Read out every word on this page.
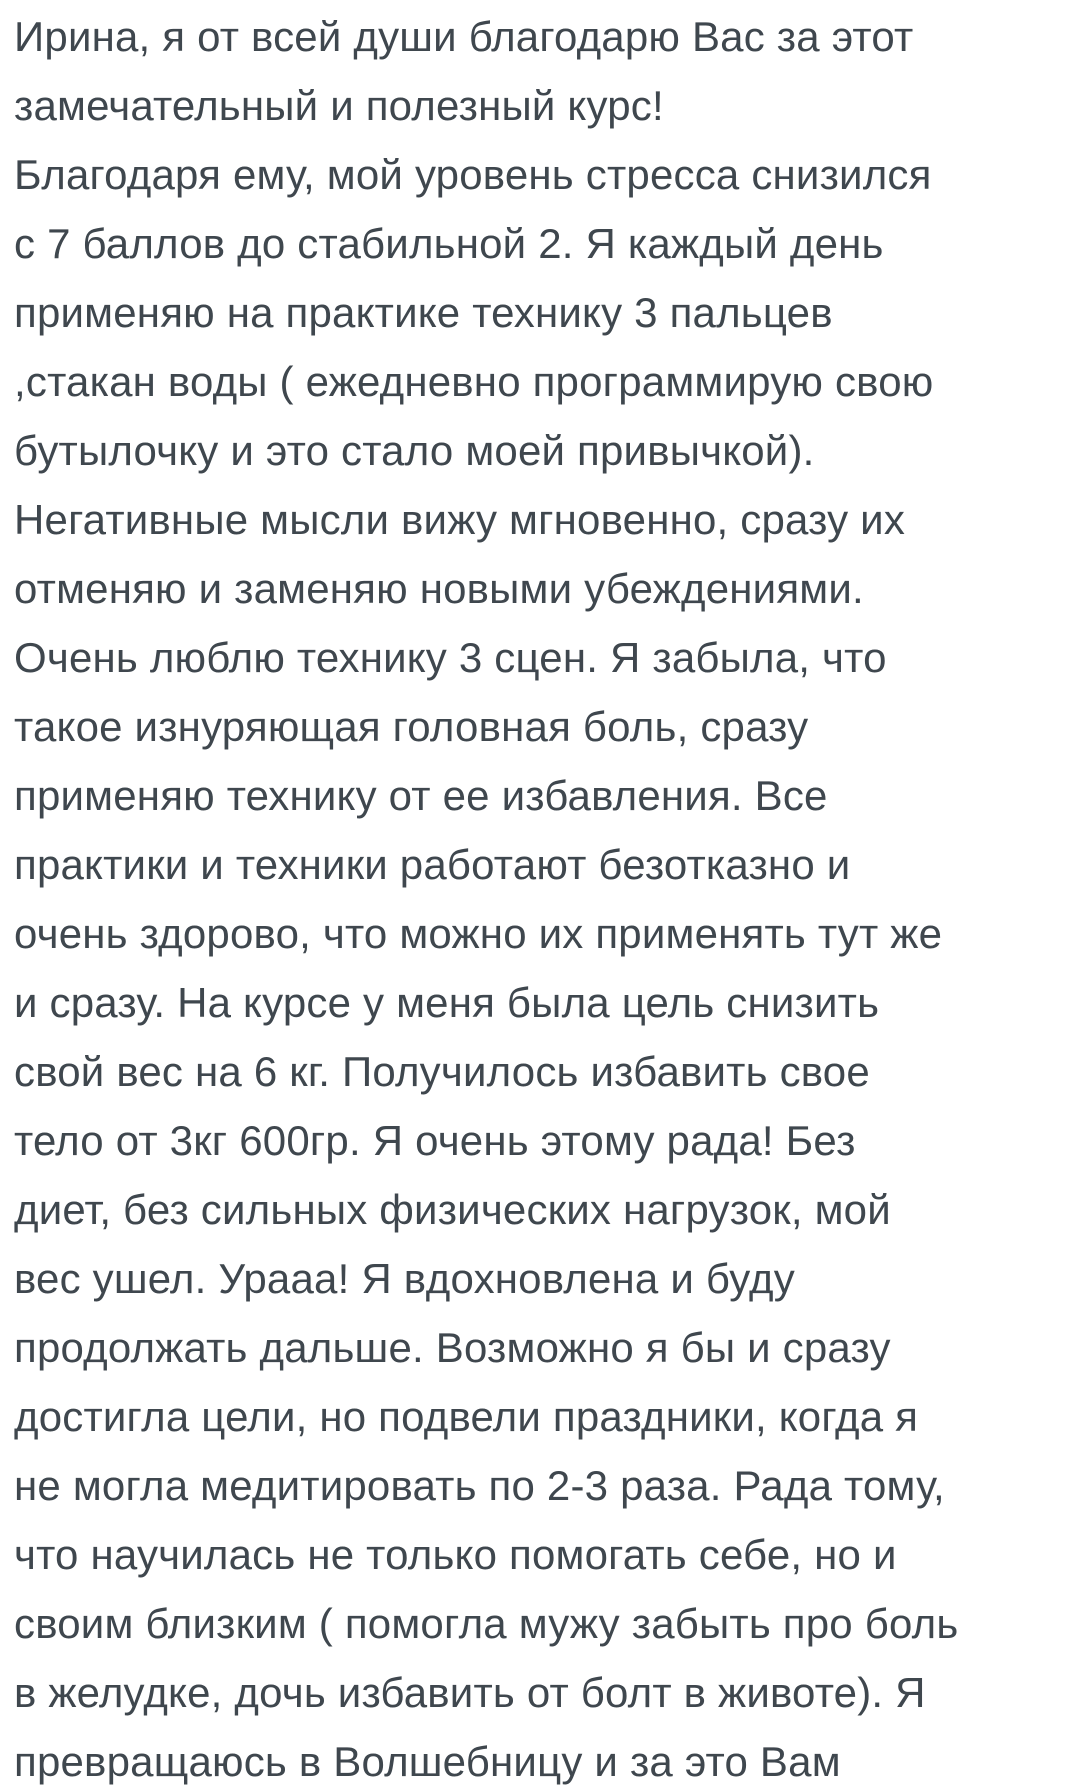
Ирина, я от всей души благодарю Вас за этот
замечательный и полезный курс!
Благодаря ему, мой уровень стресса снизился
с 7 баллов до стабильной 2. Я каждый день
применяю на практике технику 3 пальцев
,стакан воды ( ежедневно программирую свою
бутылочку и это стало моей привычкой).
Негативные мысли вижу мгновенно, сразу их
отменяю и заменяю новыми убеждениями.
Очень люблю технику 3 сцен. Я забыла, что
такое изнуряющая головная боль, сразу
применяю технику от ее избавления. Все
практики и техники работают безотказно и
очень здорово, что можно их применять тут же
и сразу. На курсе у меня была цель снизить
свой вес на 6 кг. Получилось избавить свое
тело от 3кг 600гр. Я очень этому рада! Без
диет, без сильных физических нагрузок, мой
вес ушел. Урааа! Я вдохновлена и буду
продолжать дальше. Возможно я бы и сразу
достигла цели, но подвели праздники, когда я
не могла медитировать по 2-3 раза. Рада тому,
что научилась не только помогать себе, но и
своим близким ( помогла мужу забыть про боль
в желудке, дочь избавить от болт в животе). Я
превращаюсь в Волшебницу и за это Вам
